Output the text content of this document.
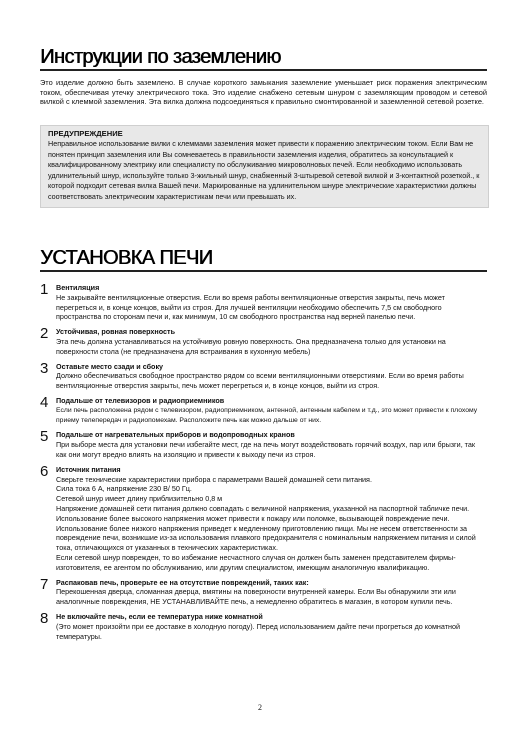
Инструкции по заземлению
Это изделие должно быть заземлено. В случае короткого замыкания заземление уменьшает риск поражения электрическим током, обеспечивая утечку электрического тока. Это изделие снабжено сетевым шнуром с заземляющим проводом и сетевой вилкой с клеммой заземления. Эта вилка должна подсоединяться к правильно смонтированной и заземленной сетевой розетке.
ПРЕДУПРЕЖДЕНИЕ
Неправильное использование вилки с клеммами заземления может привести к поражению электрическим током. Если Вам не понятен принцип заземления или Вы сомневаетесь в правильности заземления изделия, обратитесь за консультацией к квалифицированному электрику или специалисту по обслуживанию микроволновых печей. Если необходимо использовать удлинительный шнур, используйте только 3-жильный шнур, снабженный 3-штыревой сетевой вилкой и 3-контактной розеткой., к которой подходит сетевая вилка Вашей печи. Маркированные на удлинительном шнуре электрические характеристики должны соответствовать электрическим характеристикам печи или превышать их.
УСТАНОВКА ПЕЧИ
1 Вентиляция
Не закрывайте вентиляционные отверстия. Если во время работы вентиляционные отверстия закрыты, печь может перегреться и, в конце концов, выйти из строя. Для лучшей вентиляции необходимо обеспечить 7,5 см свободного пространства по сторонам печи и, как минимум, 10 см свободного пространства над верней панелью печи.
2 Устойчивая, ровная поверхность
Эта печь должна устанавливаться на устойчивую ровную поверхность. Она предназначена только для установки на поверхности стола (не предназначена для встраивания в кухонную мебель)
3 Оставьте место сзади и сбоку
Должно обеспечиваться свободное пространство рядом со всеми вентиляционными отверстиями. Если во время работы вентиляционные отверстия закрыты, печь может перегреться и, в конце концов, выйти из строя.
4 Подальше от телевизоров и радиоприемников
Если печь расположена рядом с телевизором, радиоприемником, антенной, антенным кабелем и т.д., это может привести к плохому приему телепередач и радиопомехам. Расположите печь как можно дальше от них.
5 Подальше от нагревательных приборов и водопроводных кранов
При выборе места для установки печи избегайте мест, где на печь могут воздействовать горячий воздух, пар или брызги, так как они могут вредно влиять на изоляцию и привести к выходу печи из строя.
6 Источник питания
Сверьте технические характеристики прибора с параметрами Вашей домашней сети питания.
Сила тока 6 А, напряжение 230 В/ 50 Гц.
Сетевой шнур имеет длину приблизительно 0,8 м
Напряжение домашней сети питания должно совпадать с величиной напряжения, указанной на паспортной табличке печи. Использование более высокого напряжения может привести к пожару или поломке, вызывающей повреждение печи. Использование более низкого напряжения приведет к медленному приготовлению пищи. Мы не несем ответственности за повреждение печи, возникшие из-за использования плавкого предохранителя с номинальным напряжением питания и силой тока, отличающихся от указанных в технических характеристиках.
Если сетевой шнур поврежден, то во избежание несчастного случая он должен быть заменен представителем фирмы-изготовителя, ее агентом по обслуживанию, или другим специалистом, имеющим аналогичную квалификацию.
7 Распаковав печь, проверьте ее на отсутствие повреждений, таких как:
Перекошенная дверца, сломанная дверца, вмятины на поверхности внутренней камеры. Если Вы обнаружили эти или аналогичные повреждения, НЕ УСТАНАВЛИВАЙТЕ печь, а немедленно обратитесь в магазин, в котором купили печь.
8 Не включайте печь, если ее температура ниже комнатной
(Это может произойти при ее доставке в холодную погоду). Перед использованием дайте печи прогреться до комнатной температуры.
2
